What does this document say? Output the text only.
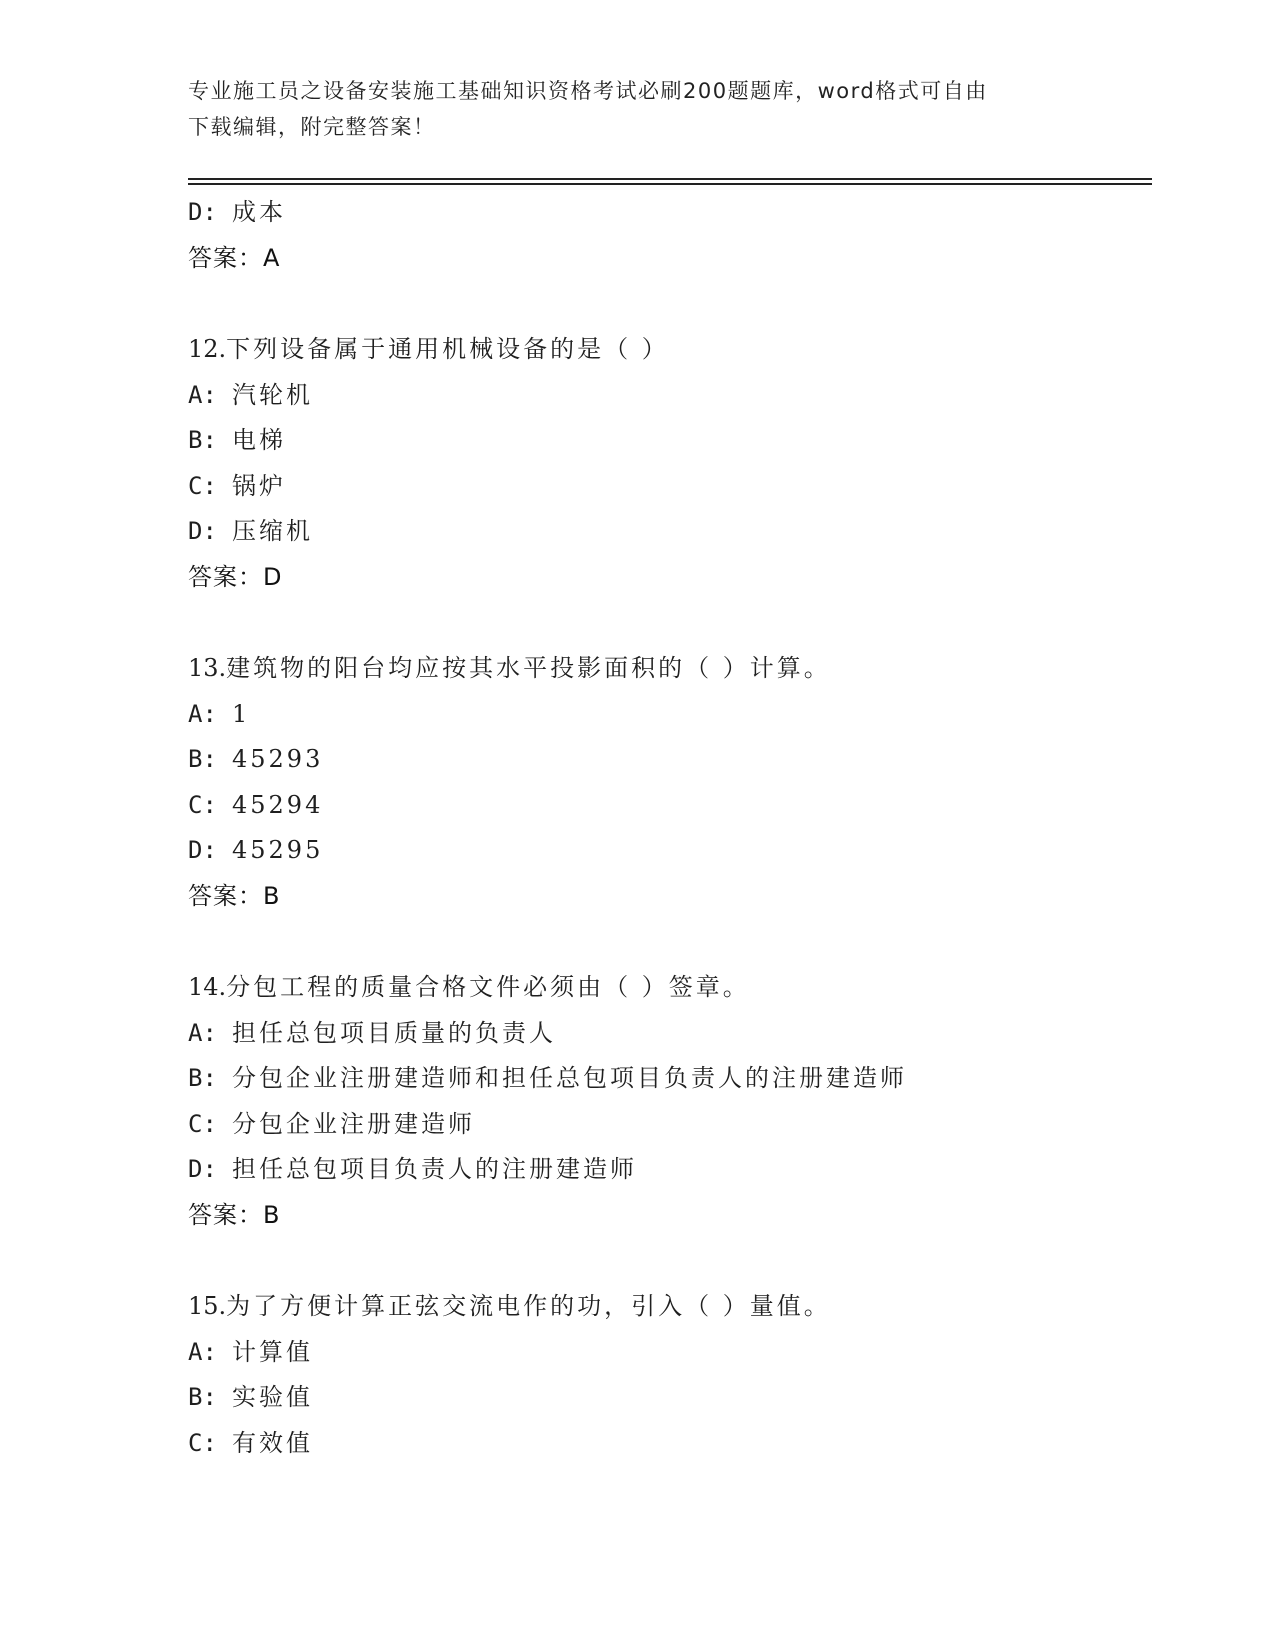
专业施工员之设备安装施工基础知识资格考试必刷200题题库，word格式可自由
下载编辑，附完整答案！
D: 成本
答案：A
12.下列设备属于通用机械设备的是（ ）
A: 汽轮机
B: 电梯
C: 锅炉
D: 压缩机
答案：D
13.建筑物的阳台均应按其水平投影面积的（ ）计算。
A: 1
B: 45293
C: 45294
D: 45295
答案：B
14.分包工程的质量合格文件必须由（ ）签章。
A: 担任总包项目质量的负责人
B: 分包企业注册建造师和担任总包项目负责人的注册建造师
C: 分包企业注册建造师
D: 担任总包项目负责人的注册建造师
答案：B
15.为了方便计算正弦交流电作的功，引入（ ）量值。
A: 计算值
B: 实验值
C: 有效值
